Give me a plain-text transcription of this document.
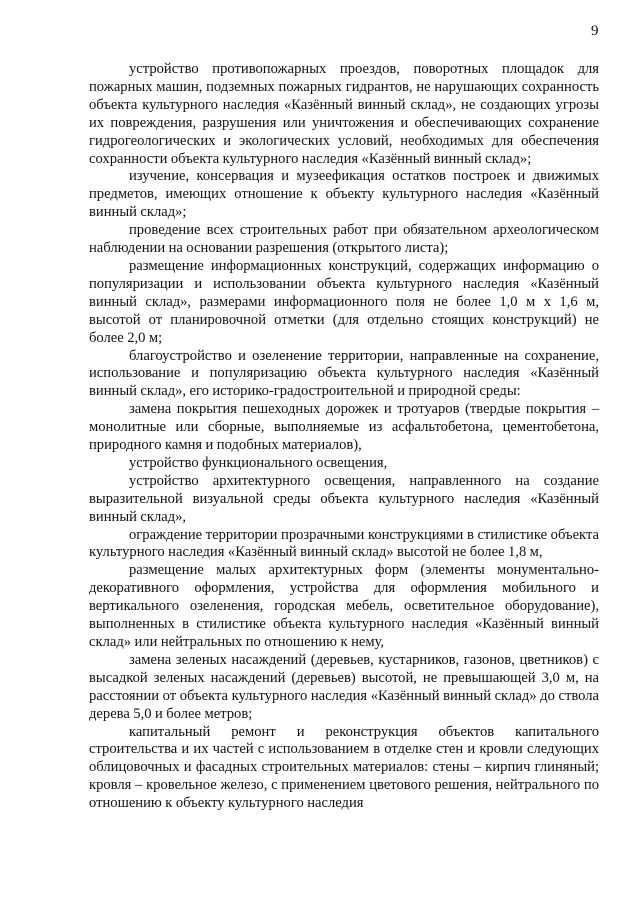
9

устройство противопожарных проездов, поворотных площадок для пожарных машин, подземных пожарных гидрантов, не нарушающих сохранность объекта культурного наследия «Казённый винный склад», не создающих угрозы их повреждения, разрушения или уничтожения и обеспечивающих сохранение гидрогеологических и экологических условий, необходимых для обеспечения сохранности объекта культурного наследия «Казённый винный склад»;

изучение, консервация и музеефикация остатков построек и движимых предметов, имеющих отношение к объекту культурного наследия «Казённый винный склад»;

проведение всех строительных работ при обязательном археологическом наблюдении на основании разрешения (открытого листа);

размещение информационных конструкций, содержащих информацию о популяризации и использовании объекта культурного наследия «Казённый винный склад», размерами информационного поля не более 1,0 м х 1,6 м, высотой от планировочной отметки (для отдельно стоящих конструкций) не более 2,0 м;

благоустройство и озеленение территории, направленные на сохранение, использование и популяризацию объекта культурного наследия «Казённый винный склад», его историко-градостроительной и природной среды:

замена покрытия пешеходных дорожек и тротуаров (твердые покрытия – монолитные или сборные, выполняемые из асфальтобетона, цементобетона, природного камня и подобных материалов),

устройство функционального освещения,

устройство архитектурного освещения, направленного на создание выразительной визуальной среды объекта культурного наследия «Казённый винный склад»,

ограждение территории прозрачными конструкциями в стилистике объекта культурного наследия «Казённый винный склад» высотой не более 1,8 м,

размещение малых архитектурных форм (элементы монументально-декоративного оформления, устройства для оформления мобильного и вертикального озеленения, городская мебель, осветительное оборудование), выполненных в стилистике объекта культурного наследия «Казённый винный склад» или нейтральных по отношению к нему,

замена зеленых насаждений (деревьев, кустарников, газонов, цветников) с высадкой зеленых насаждений (деревьев) высотой, не превышающей 3,0 м, на расстоянии от объекта культурного наследия «Казённый винный склад» до ствола дерева 5,0 и более метров;

капитальный ремонт и реконструкция объектов капитального строительства и их частей с использованием в отделке стен и кровли следующих облицовочных и фасадных строительных материалов: стены – кирпич глиняный; кровля – кровельное железо, с применением цветового решения, нейтрального по отношению к объекту культурного наследия
